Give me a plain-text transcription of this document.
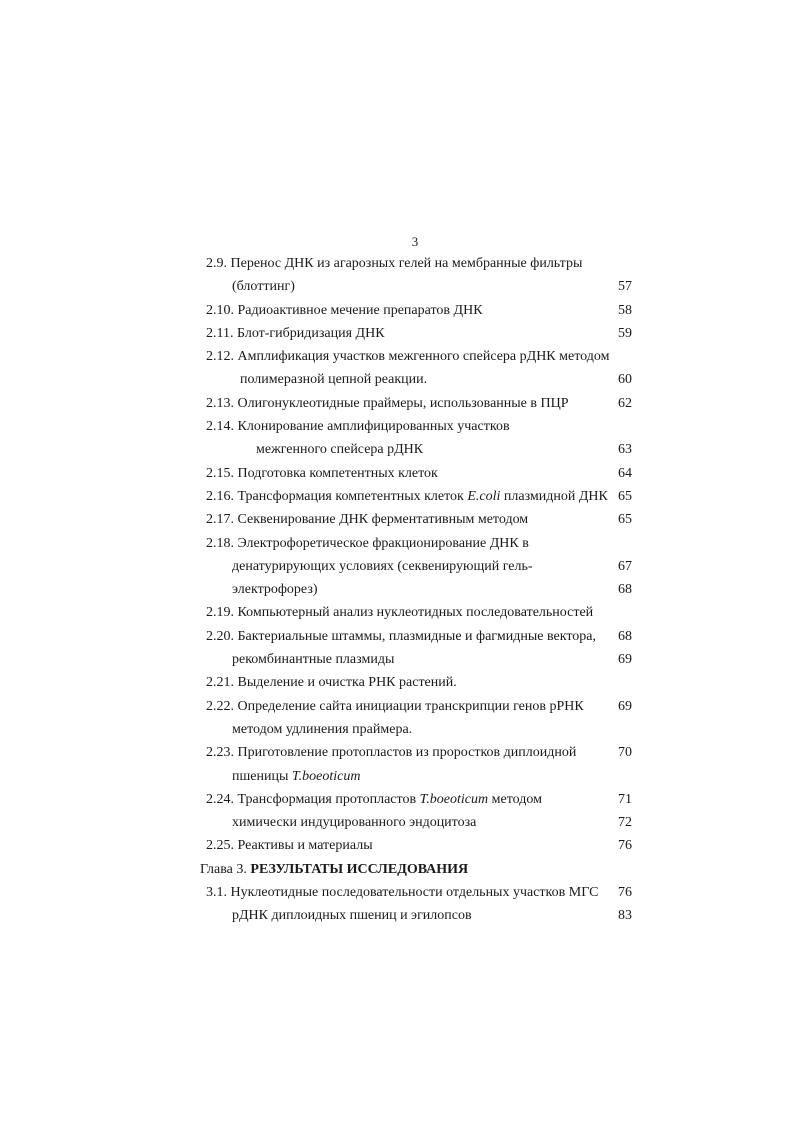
3
2.9. Перенос ДНК из агарозных гелей на мембранные фильтры
(блоттинг)	57
2.10. Радиоактивное мечение препаратов ДНК	58
2.11. Блот-гибридизация ДНК	59
2.12. Амплификация участков межгенного спейсера рДНК методом
полимеразной цепной реакции.	60
2.13. Олигонуклеотидные праймеры, использованные в ПЦР	62
2.14. Клонирование амплифицированных участков
межгенного спейсера рДНК	63
2.15. Подготовка компетентных клеток	64
2.16. Трансформация компетентных клеток E.coli плазмидной ДНК 65
2.17. Секвенирование ДНК ферментативным методом	65
2.18. Электрофоретическое фракционирование ДНК в
денатурирующих условиях (секвенирующий гель-	67
электрофорез)	68
2.19. Компьютерный анализ нуклеотидных последовательностей
2.20. Бактериальные штаммы, плазмидные и фагмидные вектора,	68
рекомбинантные плазмиды	69
2.21. Выделение и очистка РНК растений.
2.22. Определение сайта инициации транскрипции генов рРНК	69
методом удлинения праймера.
2.23. Приготовление протопластов из проростков диплоидной	70
пшеницы T.boeoticum
2.24. Трансформация протопластов T.boeoticum методом	71
химически индуцированного эндоцитоза	72
2.25. Реактивы и материалы	76
Глава 3. РЕЗУЛЬТАТЫ ИССЛЕДОВАНИЯ
3.1. Нуклеотидные последовательности отдельных участков МГС	76
рДНК диплоидных пшениц и эгилопсов	83
